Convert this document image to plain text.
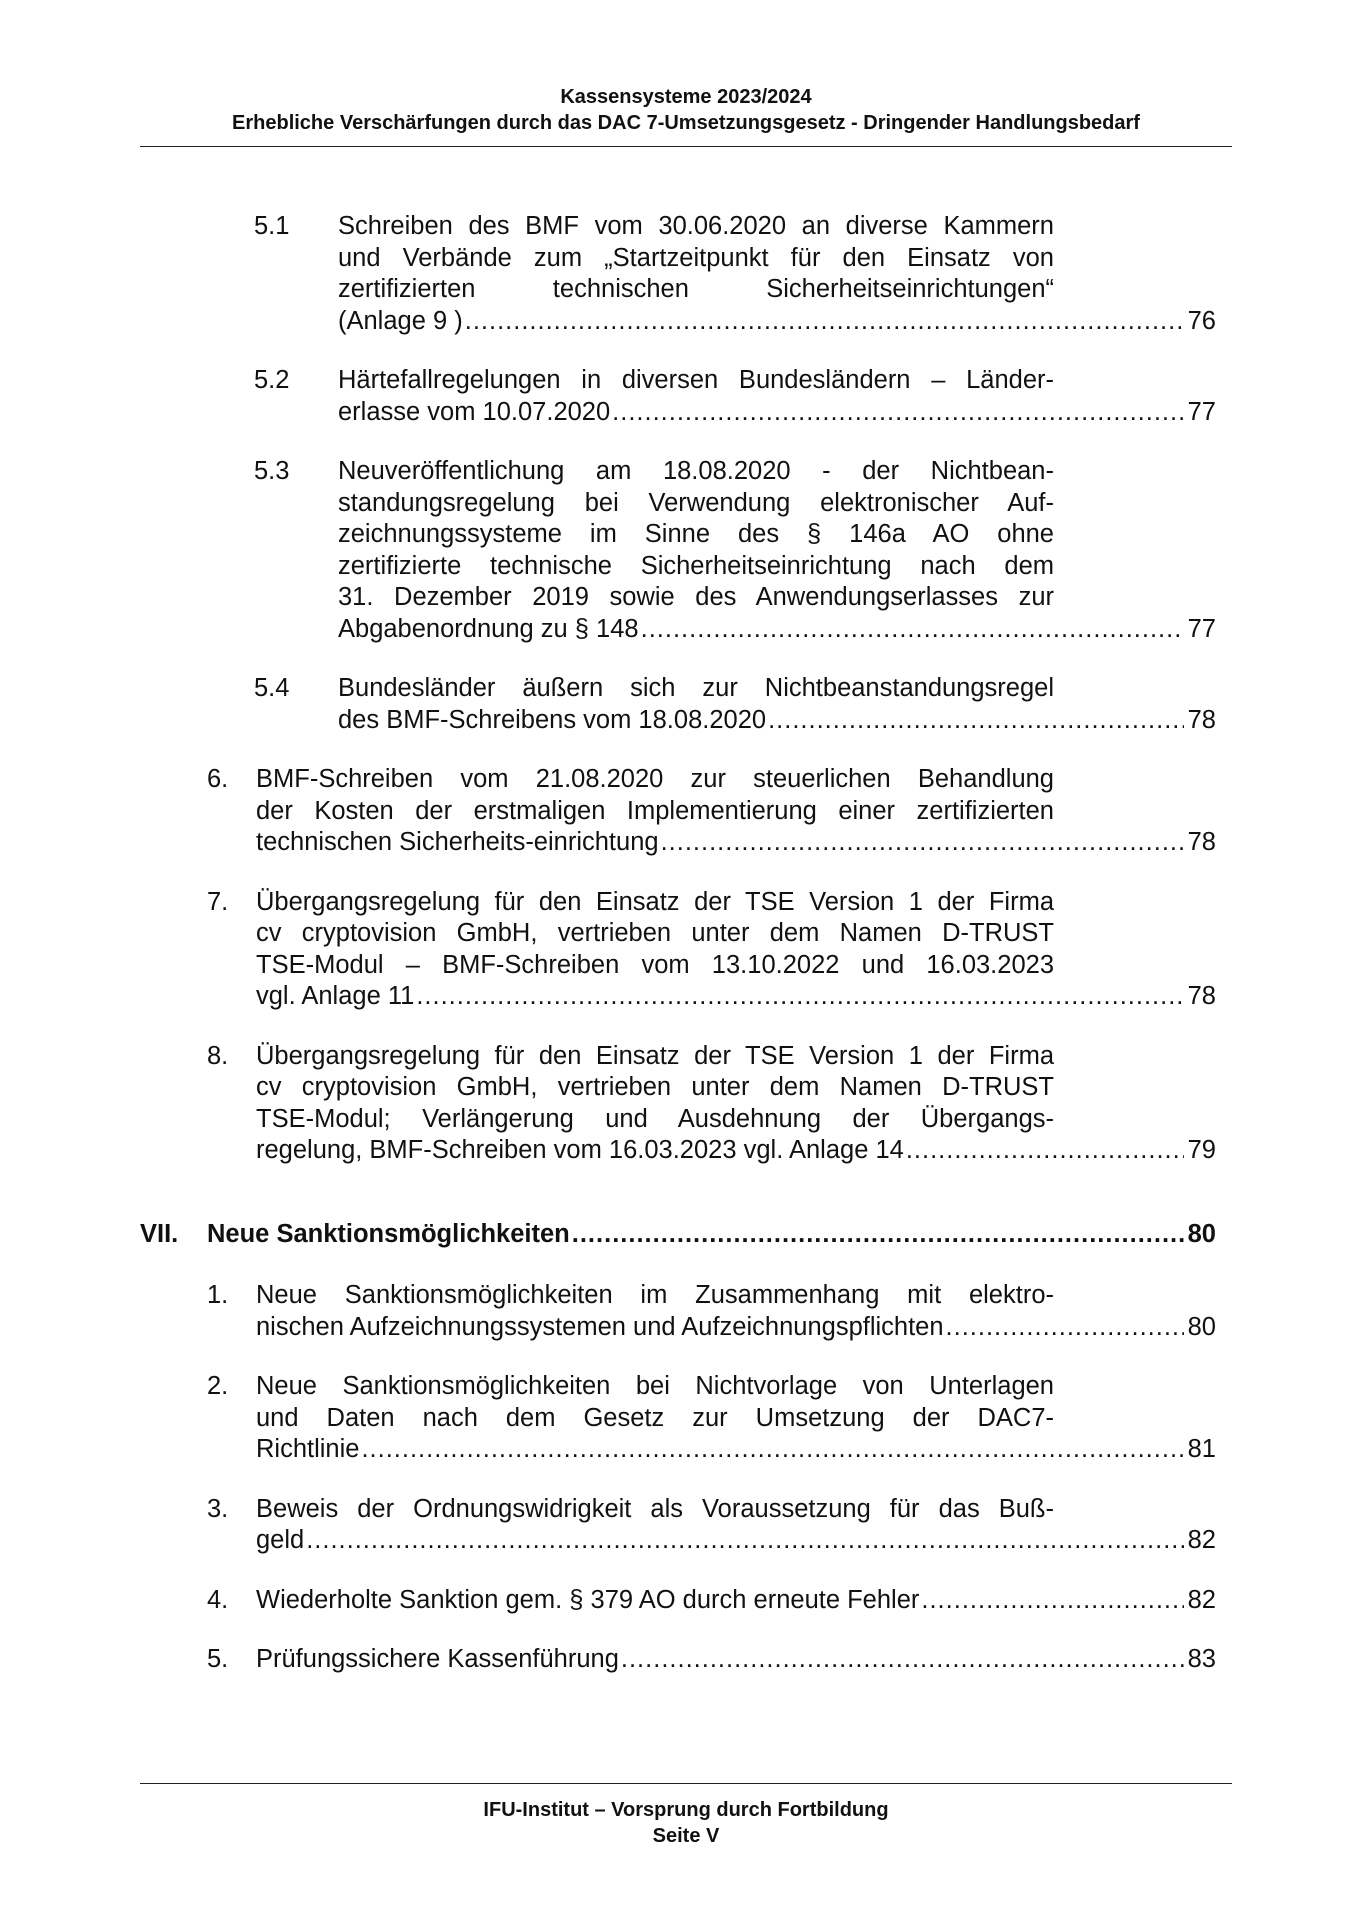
Kassensysteme 2023/2024
Erhebliche Verschärfungen durch das DAC 7-Umsetzungsgesetz - Dringender Handlungsbedarf
5.1 Schreiben des BMF vom 30.06.2020 an diverse Kammern
und Verbände zum „Startzeitpunkt für den Einsatz von
zertifizierten technischen Sicherheitseinrichtungen“
(Anlage 9 ) .....	76
5.2 Härtefallregelungen in diversen Bundesländern – Länder-
erlasse vom 10.07.2020 .....	77
5.3 Neuveröffentlichung am 18.08.2020 - der Nichtbean-
standungsregelung bei Verwendung elektronischer Auf-
zeichnungssysteme im Sinne des § 146a AO ohne
zertifizierte technische Sicherheitseinrichtung nach dem
31. Dezember 2019 sowie des Anwendungserlasses zur
Abgabenordnung zu § 148 .....	77
5.4 Bundesländer äußern sich zur Nichtbeanstandungsregel
des BMF-Schreibens vom 18.08.2020 .....	78
6. BMF-Schreiben vom 21.08.2020 zur steuerlichen Behandlung
der Kosten der erstmaligen Implementierung einer zertifizierten
technischen Sicherheits-einrichtung .....	78
7. Übergangsregelung für den Einsatz der TSE Version 1 der Firma
cv cryptovision GmbH, vertrieben unter dem Namen D-TRUST
TSE-Modul – BMF-Schreiben vom 13.10.2022 und 16.03.2023
vgl. Anlage 11 .....	78
8. Übergangsregelung für den Einsatz der TSE Version 1 der Firma
cv cryptovision GmbH, vertrieben unter dem Namen D-TRUST
TSE-Modul; Verlängerung und Ausdehnung der Übergangs-
regelung, BMF-Schreiben vom 16.03.2023 vgl. Anlage 14 .....	79
VII. Neue Sanktionsmöglichkeiten .....	80
1. Neue Sanktionsmöglichkeiten im Zusammenhang mit elektro-
nischen Aufzeichnungssystemen und Aufzeichnungspflichten .....	80
2. Neue Sanktionsmöglichkeiten bei Nichtvorlage von Unterlagen
und Daten nach dem Gesetz zur Umsetzung der DAC7-
Richtlinie .....	81
3. Beweis der Ordnungswidrigkeit als Voraussetzung für das Buß-
geld .....	82
4. Wiederholte Sanktion gem. § 379 AO durch erneute Fehler .....	82
5. Prüfungssichere Kassenführung .....	83
IFU-Institut – Vorsprung durch Fortbildung
Seite V
